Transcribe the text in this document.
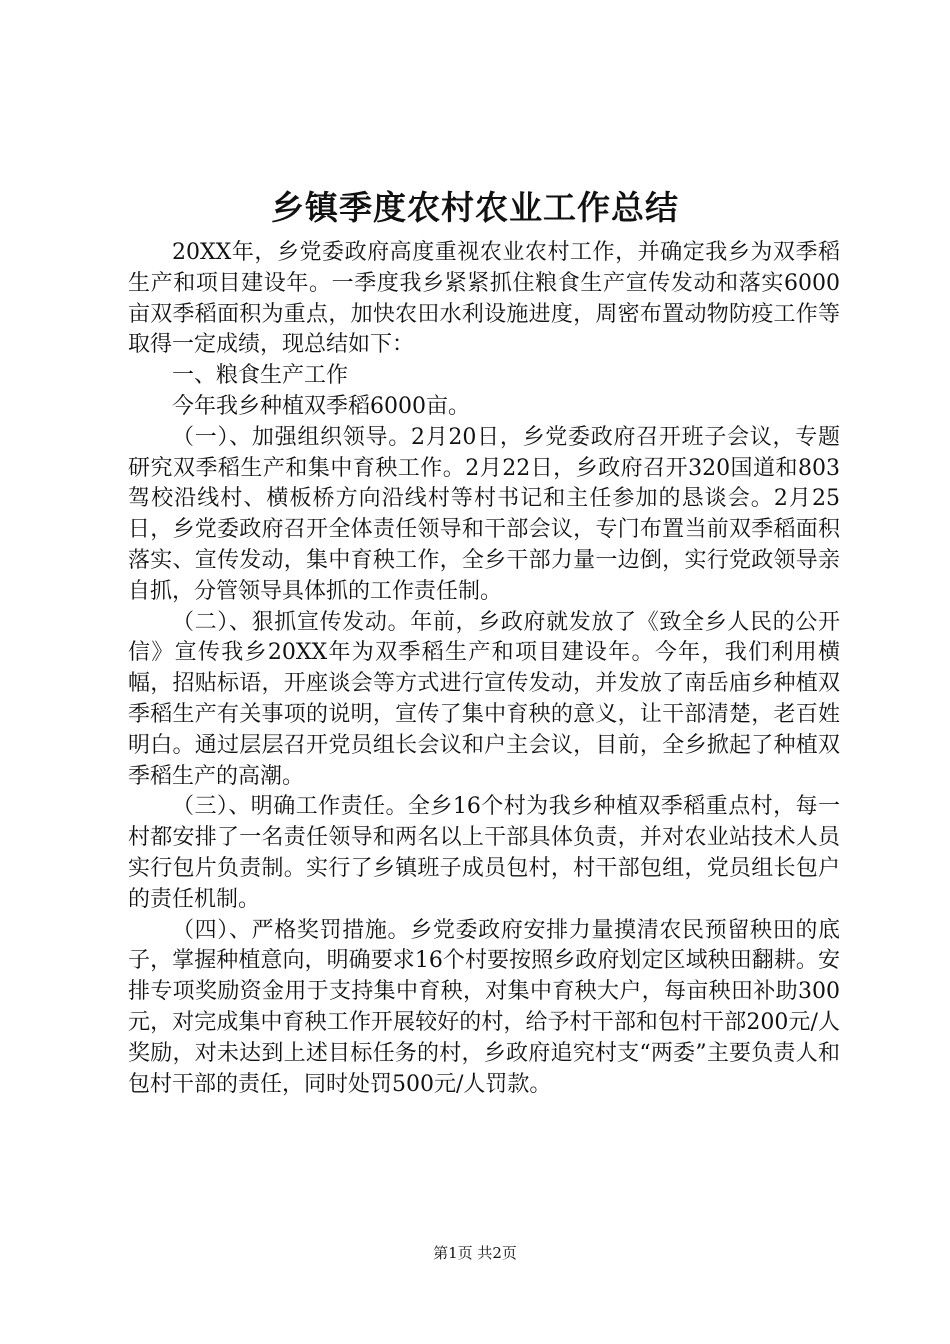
乡镇季度农村农业工作总结

20XX年，乡党委政府高度重视农业农村工作，并确定我乡为双季稻生产和项目建设年。一季度我乡紧紧抓住粮食生产宣传发动和落实6000亩双季稻面积为重点，加快农田水利设施进度，周密布置动物防疫工作等取得一定成绩，现总结如下：

一、粮食生产工作

今年我乡种植双季稻6000亩。

（一）、加强组织领导。2月20日，乡党委政府召开班子会议，专题研究双季稻生产和集中育秧工作。2月22日，乡政府召开320国道和803驾校沿线村、横板桥方向沿线村等村书记和主任参加的恳谈会。2月25日，乡党委政府召开全体责任领导和干部会议，专门布置当前双季稻面积落实、宣传发动，集中育秧工作，全乡干部力量一边倒，实行党政领导亲自抓，分管领导具体抓的工作责任制。

（二）、狠抓宣传发动。年前，乡政府就发放了《致全乡人民的公开信》宣传我乡20XX年为双季稻生产和项目建设年。今年，我们利用横幅，招贴标语，开座谈会等方式进行宣传发动，并发放了南岳庙乡种植双季稻生产有关事项的说明，宣传了集中育秧的意义，让干部清楚，老百姓明白。通过层层召开党员组长会议和户主会议，目前，全乡掀起了种植双季稻生产的高潮。

（三）、明确工作责任。全乡16个村为我乡种植双季稻重点村，每一村都安排了一名责任领导和两名以上干部具体负责，并对农业站技术人员实行包片负责制。实行了乡镇班子成员包村，村干部包组，党员组长包户的责任机制。

（四）、严格奖罚措施。乡党委政府安排力量摸清农民预留秧田的底子，掌握种植意向，明确要求16个村要按照乡政府划定区域秧田翻耕。安排专项奖励资金用于支持集中育秧，对集中育秧大户，每亩秧田补助300元，对完成集中育秧工作开展较好的村，给予村干部和包村干部200元/人奖励，对未达到上述目标任务的村，乡政府追究村支“两委”主要负责人和包村干部的责任，同时处罚500元/人罚款。

第1页 共2页
